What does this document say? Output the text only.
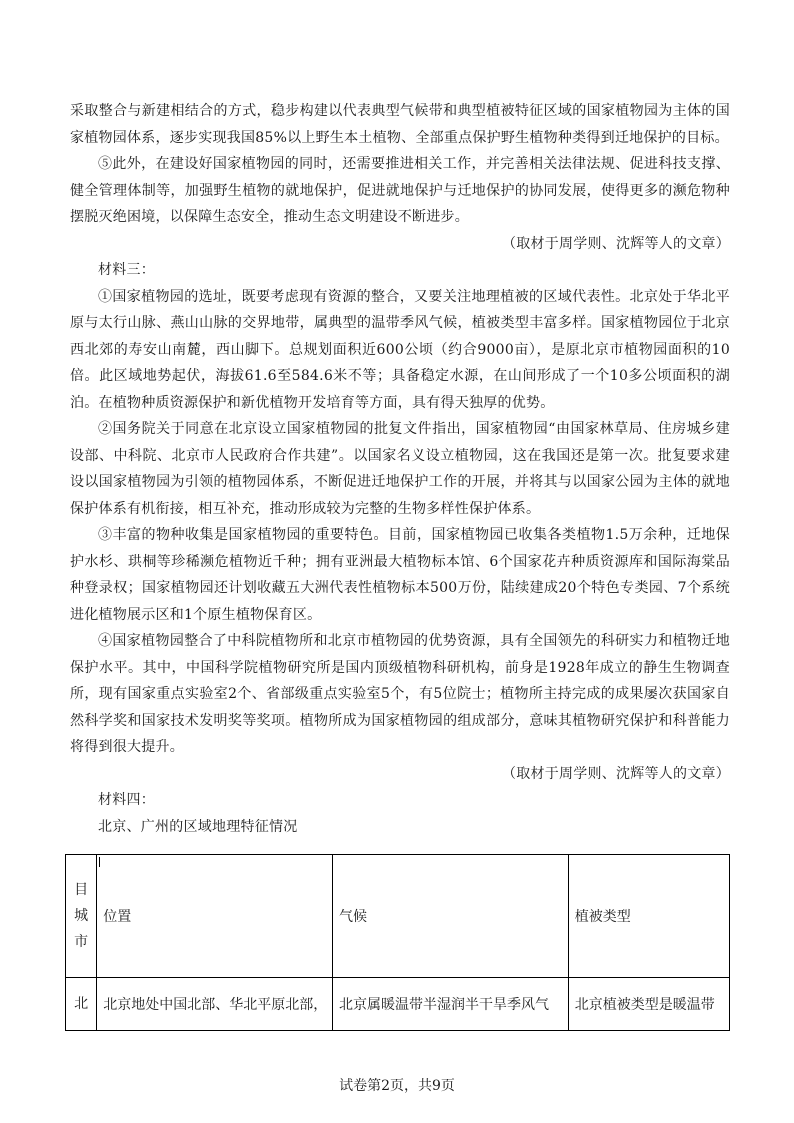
采取整合与新建相结合的方式，稳步构建以代表典型气候带和典型植被特征区域的国家植物园为主体的国家植物园体系，逐步实现我国85%以上野生本土植物、全部重点保护野生植物种类得到迁地保护的目标。

⑤此外，在建设好国家植物园的同时，还需要推进相关工作，并完善相关法律法规、促进科技支撑、健全管理体制等，加强野生植物的就地保护，促进就地保护与迁地保护的协同发展，使得更多的濒危物种摆脱灭绝困境，以保障生态安全，推动生态文明建设不断进步。

（取材于周学则、沈辉等人的文章）

材料三：

①国家植物园的选址，既要考虑现有资源的整合，又要关注地理植被的区域代表性。北京处于华北平原与太行山脉、燕山山脉的交界地带，属典型的温带季风气候，植被类型丰富多样。国家植物园位于北京西北郊的寿安山南麓，西山脚下。总规划面积近600公顷（约合9000亩），是原北京市植物园面积的10倍。此区域地势起伏，海拔61.6至584.6米不等；具备稳定水源，在山间形成了一个10多公顷面积的湖泊。在植物种质资源保护和新优植物开发培育等方面，具有得天独厚的优势。

②国务院关于同意在北京设立国家植物园的批复文件指出，国家植物园“由国家林草局、住房城乡建设部、中科院、北京市人民政府合作共建”。以国家名义设立植物园，这在我国还是第一次。批复要求建设以国家植物园为引领的植物园体系，不断促进迁地保护工作的开展，并将其与以国家公园为主体的就地保护体系有机衔接，相互补充，推动形成较为完整的生物多样性保护体系。

③丰富的物种收集是国家植物园的重要特色。目前，国家植物园已收集各类植物1.5万余种，迁地保护水杉、珙桐等珍稀濒危植物近千种；拥有亚洲最大植物标本馆、6个国家花卉种质资源库和国际海棠品种登录权；国家植物园还计划收藏五大洲代表性植物标本500万份，陆续建成20个特色专类园、7个系统进化植物展示区和1个原生植物保育区。

④国家植物园整合了中科院植物所和北京市植物园的优势资源，具有全国领先的科研实力和植物迁地保护水平。其中，中国科学院植物研究所是国内顶级植物科研机构，前身是1928年成立的静生生物调查所，现有国家重点实验室2个、省部级重点实验室5个，有5位院士；植物所主持完成的成果屡次获国家自然科学奖和国家技术发明奖等奖项。植物所成为国家植物园的组成部分，意味其植物研究保护和科普能力将得到很大提升。

（取材于周学则、沈辉等人的文章）

材料四：

北京、广州的区域地理特征情况

目城市	位置	气候	植被类型
北	北京地处中国北部、华北平原北部，	北京属暖温带半湿润半干旱季风气	北京植被类型是暖温带
试卷第2页，共9页
